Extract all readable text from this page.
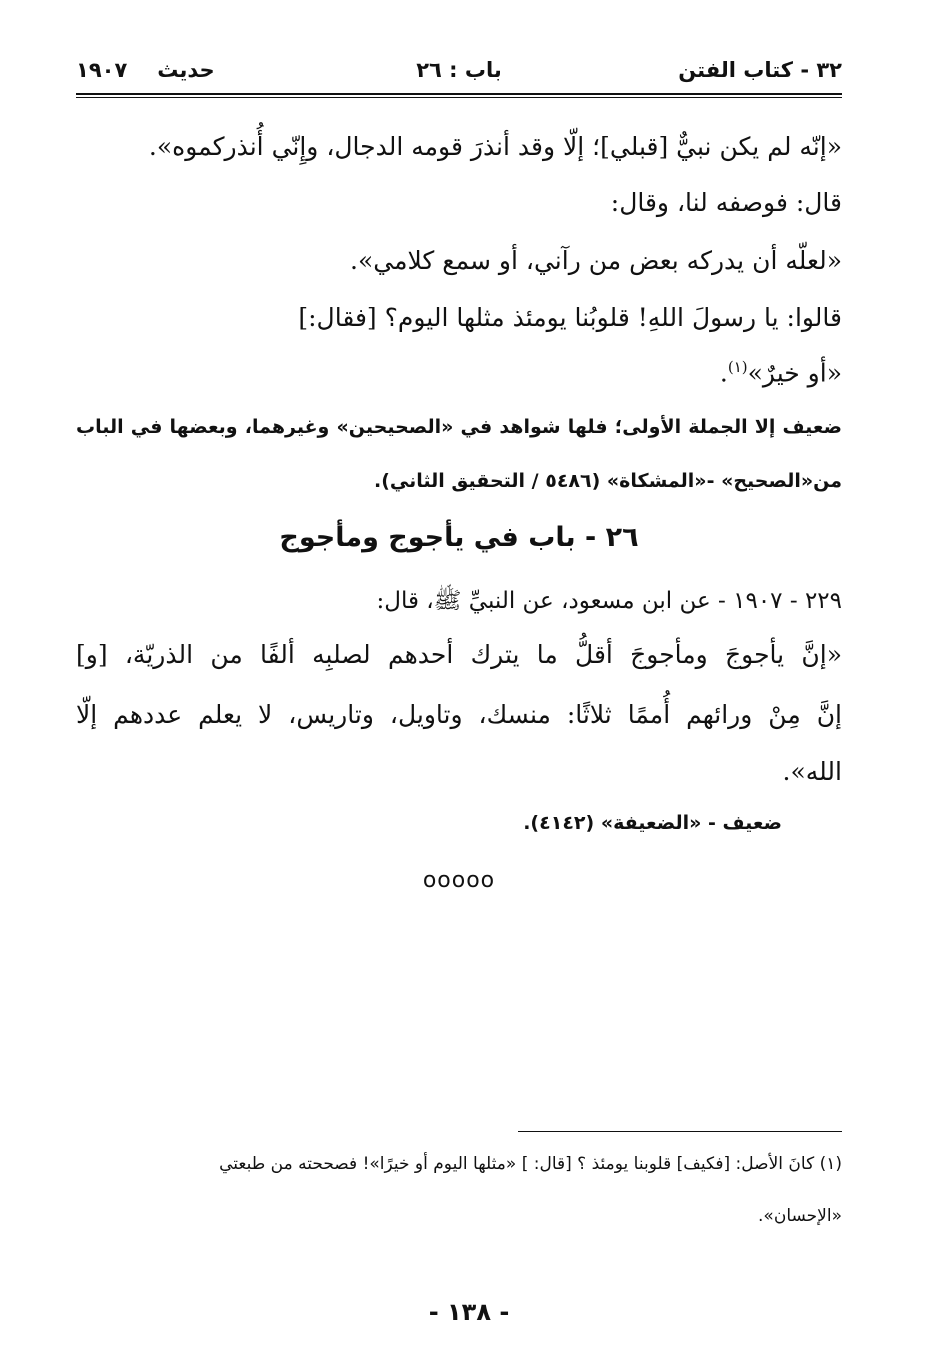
٣٢ - كتاب الفتن
باب : ٢٦
حديث١٩٠٧
«إنّه لم يكن نبيٌّ [قبلي]؛ إلّا وقد أنذرَ قومه الدجال، وإِنّي أُنذركموه».
قال: فوصفه لنا، وقال:
«لعلّه أن يدركه بعض من رآني، أو سمع كلامي».
قالوا: يا رسولَ اللهِ! قلوبُنا يومئذ مثلها اليوم؟ [فقال:]
«أو خيرٌ»$^{(١)}$.
ضعيف إلا الجملة الأولى؛ فلها شواهد في «الصحيحين» وغيرهما، وبعضها في الباب
من«الصحيح» -«المشكاة» (٥٤٨٦ / التحقيق الثاني).
٢٦ - باب في يأجوج ومأجوج
٢٢٩ - ١٩٠٧ - عن ابن مسعود، عن النبيِّ ﷺ، قال:
«إنَّ يأجوجَ ومأجوجَ أقلُّ ما يترك أحدهم لصلبِه ألفًا من الذريّة، [و]
إنَّ مِنْ ورائهم أُممًا ثلاثًا: منسك، وتاويل، وتاريس، لا يعلم عددهم إلّا
الله».
ضعيف - «الضعيفة» (٤١٤٢).
ooooo
(١) كانَ الأصل: [فكيف] قلوبنا يومئذ ؟ [قال: ] «مثلها اليوم أو خيرًا»! فصححته من طبعتي
«الإحسان».
- ١٣٨ -
